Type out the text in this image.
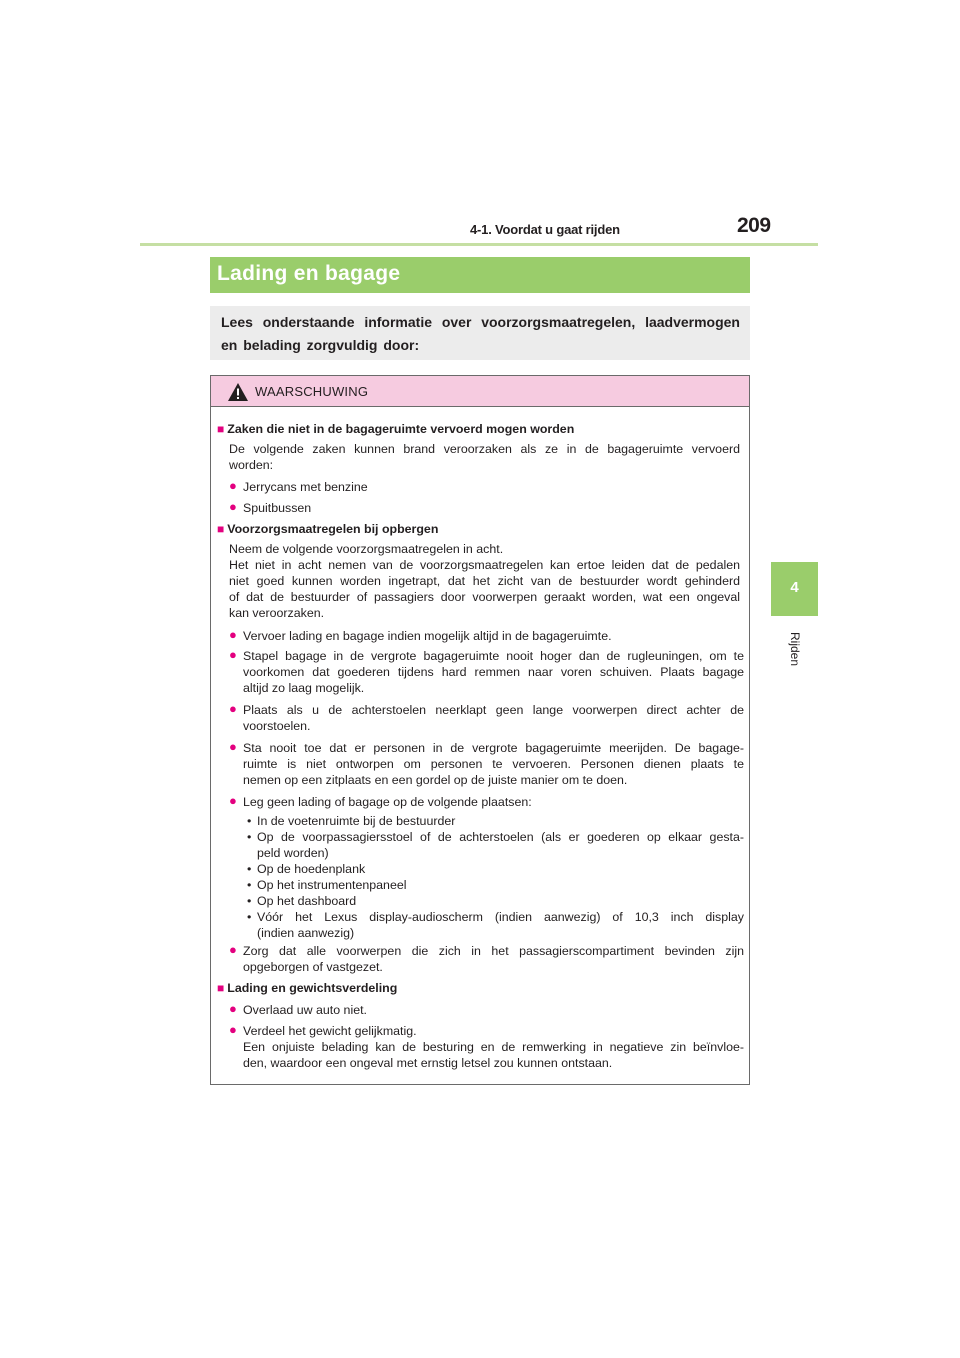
4-1. Voordat u gaat rijden	209
4
Rijden
Lading en bagage
Lees onderstaande informatie over voorzorgsmaatregelen, laadvermogen
en belading zorgvuldig door:
WAARSCHUWING
■ Zaken die niet in de bagageruimte vervoerd mogen worden
De volgende zaken kunnen brand veroorzaken als ze in de bagageruimte vervoerd
worden:
● Jerrycans met benzine
● Spuitbussen
■ Voorzorgsmaatregelen bij opbergen
Neem de volgende voorzorgsmaatregelen in acht.
Het niet in acht nemen van de voorzorgsmaatregelen kan ertoe leiden dat de pedalen
niet goed kunnen worden ingetrapt, dat het zicht van de bestuurder wordt gehinderd
of dat de bestuurder of passagiers door voorwerpen geraakt worden, wat een ongeval
kan veroorzaken.
● Vervoer lading en bagage indien mogelijk altijd in de bagageruimte.
● Stapel bagage in de vergrote bagageruimte nooit hoger dan de rugleuningen, om te
voorkomen dat goederen tijdens hard remmen naar voren schuiven. Plaats bagage
altijd zo laag mogelijk.
● Plaats als u de achterstoelen neerklapt geen lange voorwerpen direct achter de
voorstoelen.
● Sta nooit toe dat er personen in de vergrote bagageruimte meerijden. De bagage-
ruimte is niet ontworpen om personen te vervoeren. Personen dienen plaats te
nemen op een zitplaats en een gordel op de juiste manier om te doen.
● Leg geen lading of bagage op de volgende plaatsen:
• In de voetenruimte bij de bestuurder
• Op de voorpassagiersstoel of de achterstoelen (als er goederen op elkaar gesta-
peld worden)
• Op de hoedenplank
• Op het instrumentenpaneel
• Op het dashboard
• Vóór het Lexus display-audioscherm (indien aanwezig) of 10,3 inch display
(indien aanwezig)
● Zorg dat alle voorwerpen die zich in het passagierscompartiment bevinden zijn
opgeborgen of vastgezet.
■ Lading en gewichtsverdeling
● Overlaad uw auto niet.
● Verdeel het gewicht gelijkmatig.
Een onjuiste belading kan de besturing en de remwerking in negatieve zin beïnvloe-
den, waardoor een ongeval met ernstig letsel zou kunnen ontstaan.
